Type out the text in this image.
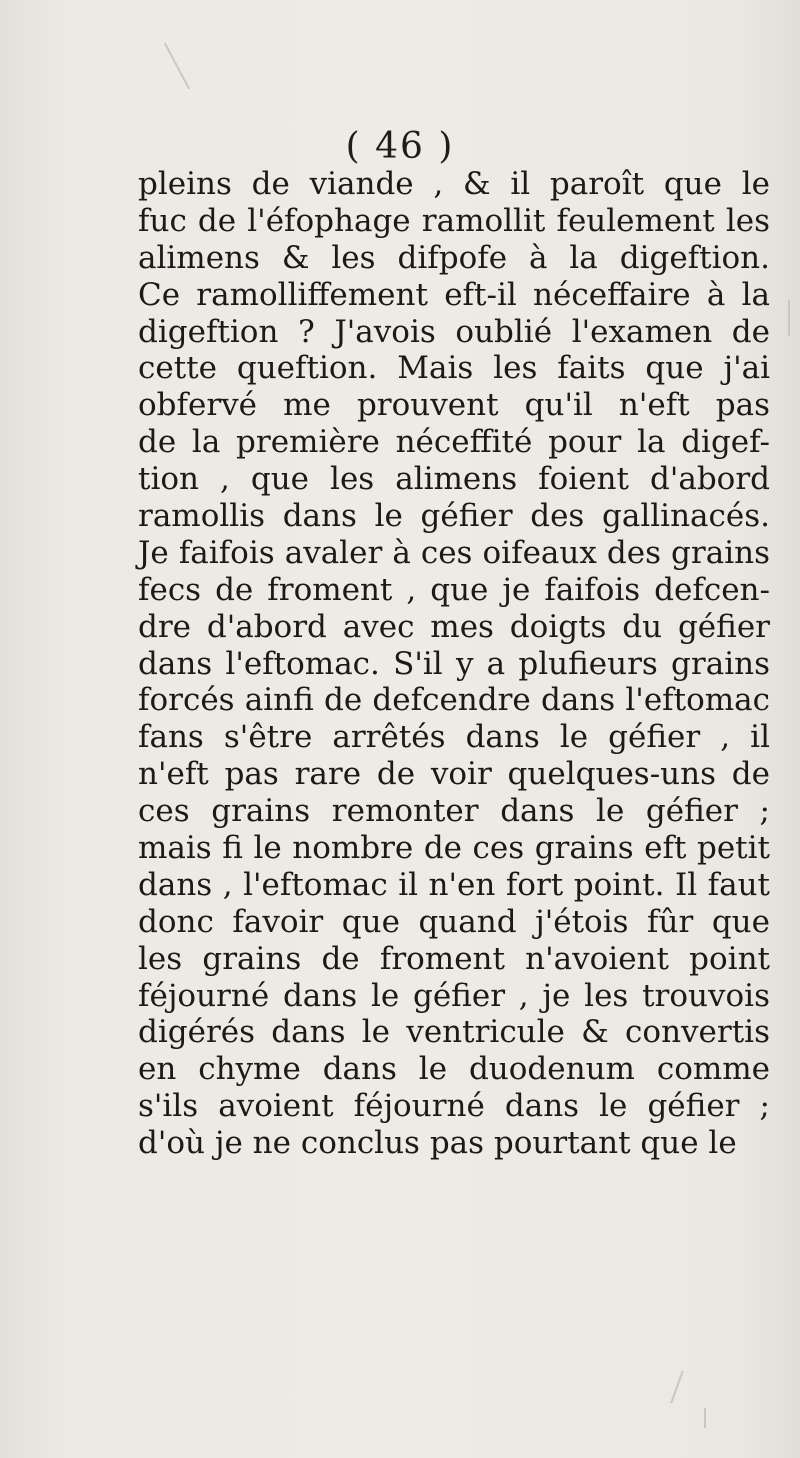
( 46 )
pleins de viande , & il paroît que le
fuc de l'éfophage ramollit feulement les
alimens & les difpofe à la digeftion.
Ce ramolliffement eft-il néceffaire à la
digeftion ? J'avois oublié l'examen de
cette queftion. Mais les faits que j'ai
obfervé me prouvent qu'il n'eft pas
de la première néceffité pour la digef-
tion , que les alimens foient d'abord
ramollis dans le géfier des gallinacés.
Je faifois avaler à ces oifeaux des grains
fecs de froment , que je faifois defcen-
dre d'abord avec mes doigts du géfier
dans l'eftomac. S'il y a plufieurs grains
forcés ainfi de defcendre dans l'eftomac
fans s'être arrêtés dans le géfier , il
n'eft pas rare de voir quelques-uns de
ces grains remonter dans le géfier ;
mais fi le nombre de ces grains eft petit
dans , l'eftomac il n'en fort point. Il faut
donc favoir que quand j'étois fûr que
les grains de froment n'avoient point
féjourné dans le géfier , je les trouvois
digérés dans le ventricule & convertis
en chyme dans le duodenum comme
s'ils avoient féjourné dans le géfier ;
d'où je ne conclus pas pourtant que le
